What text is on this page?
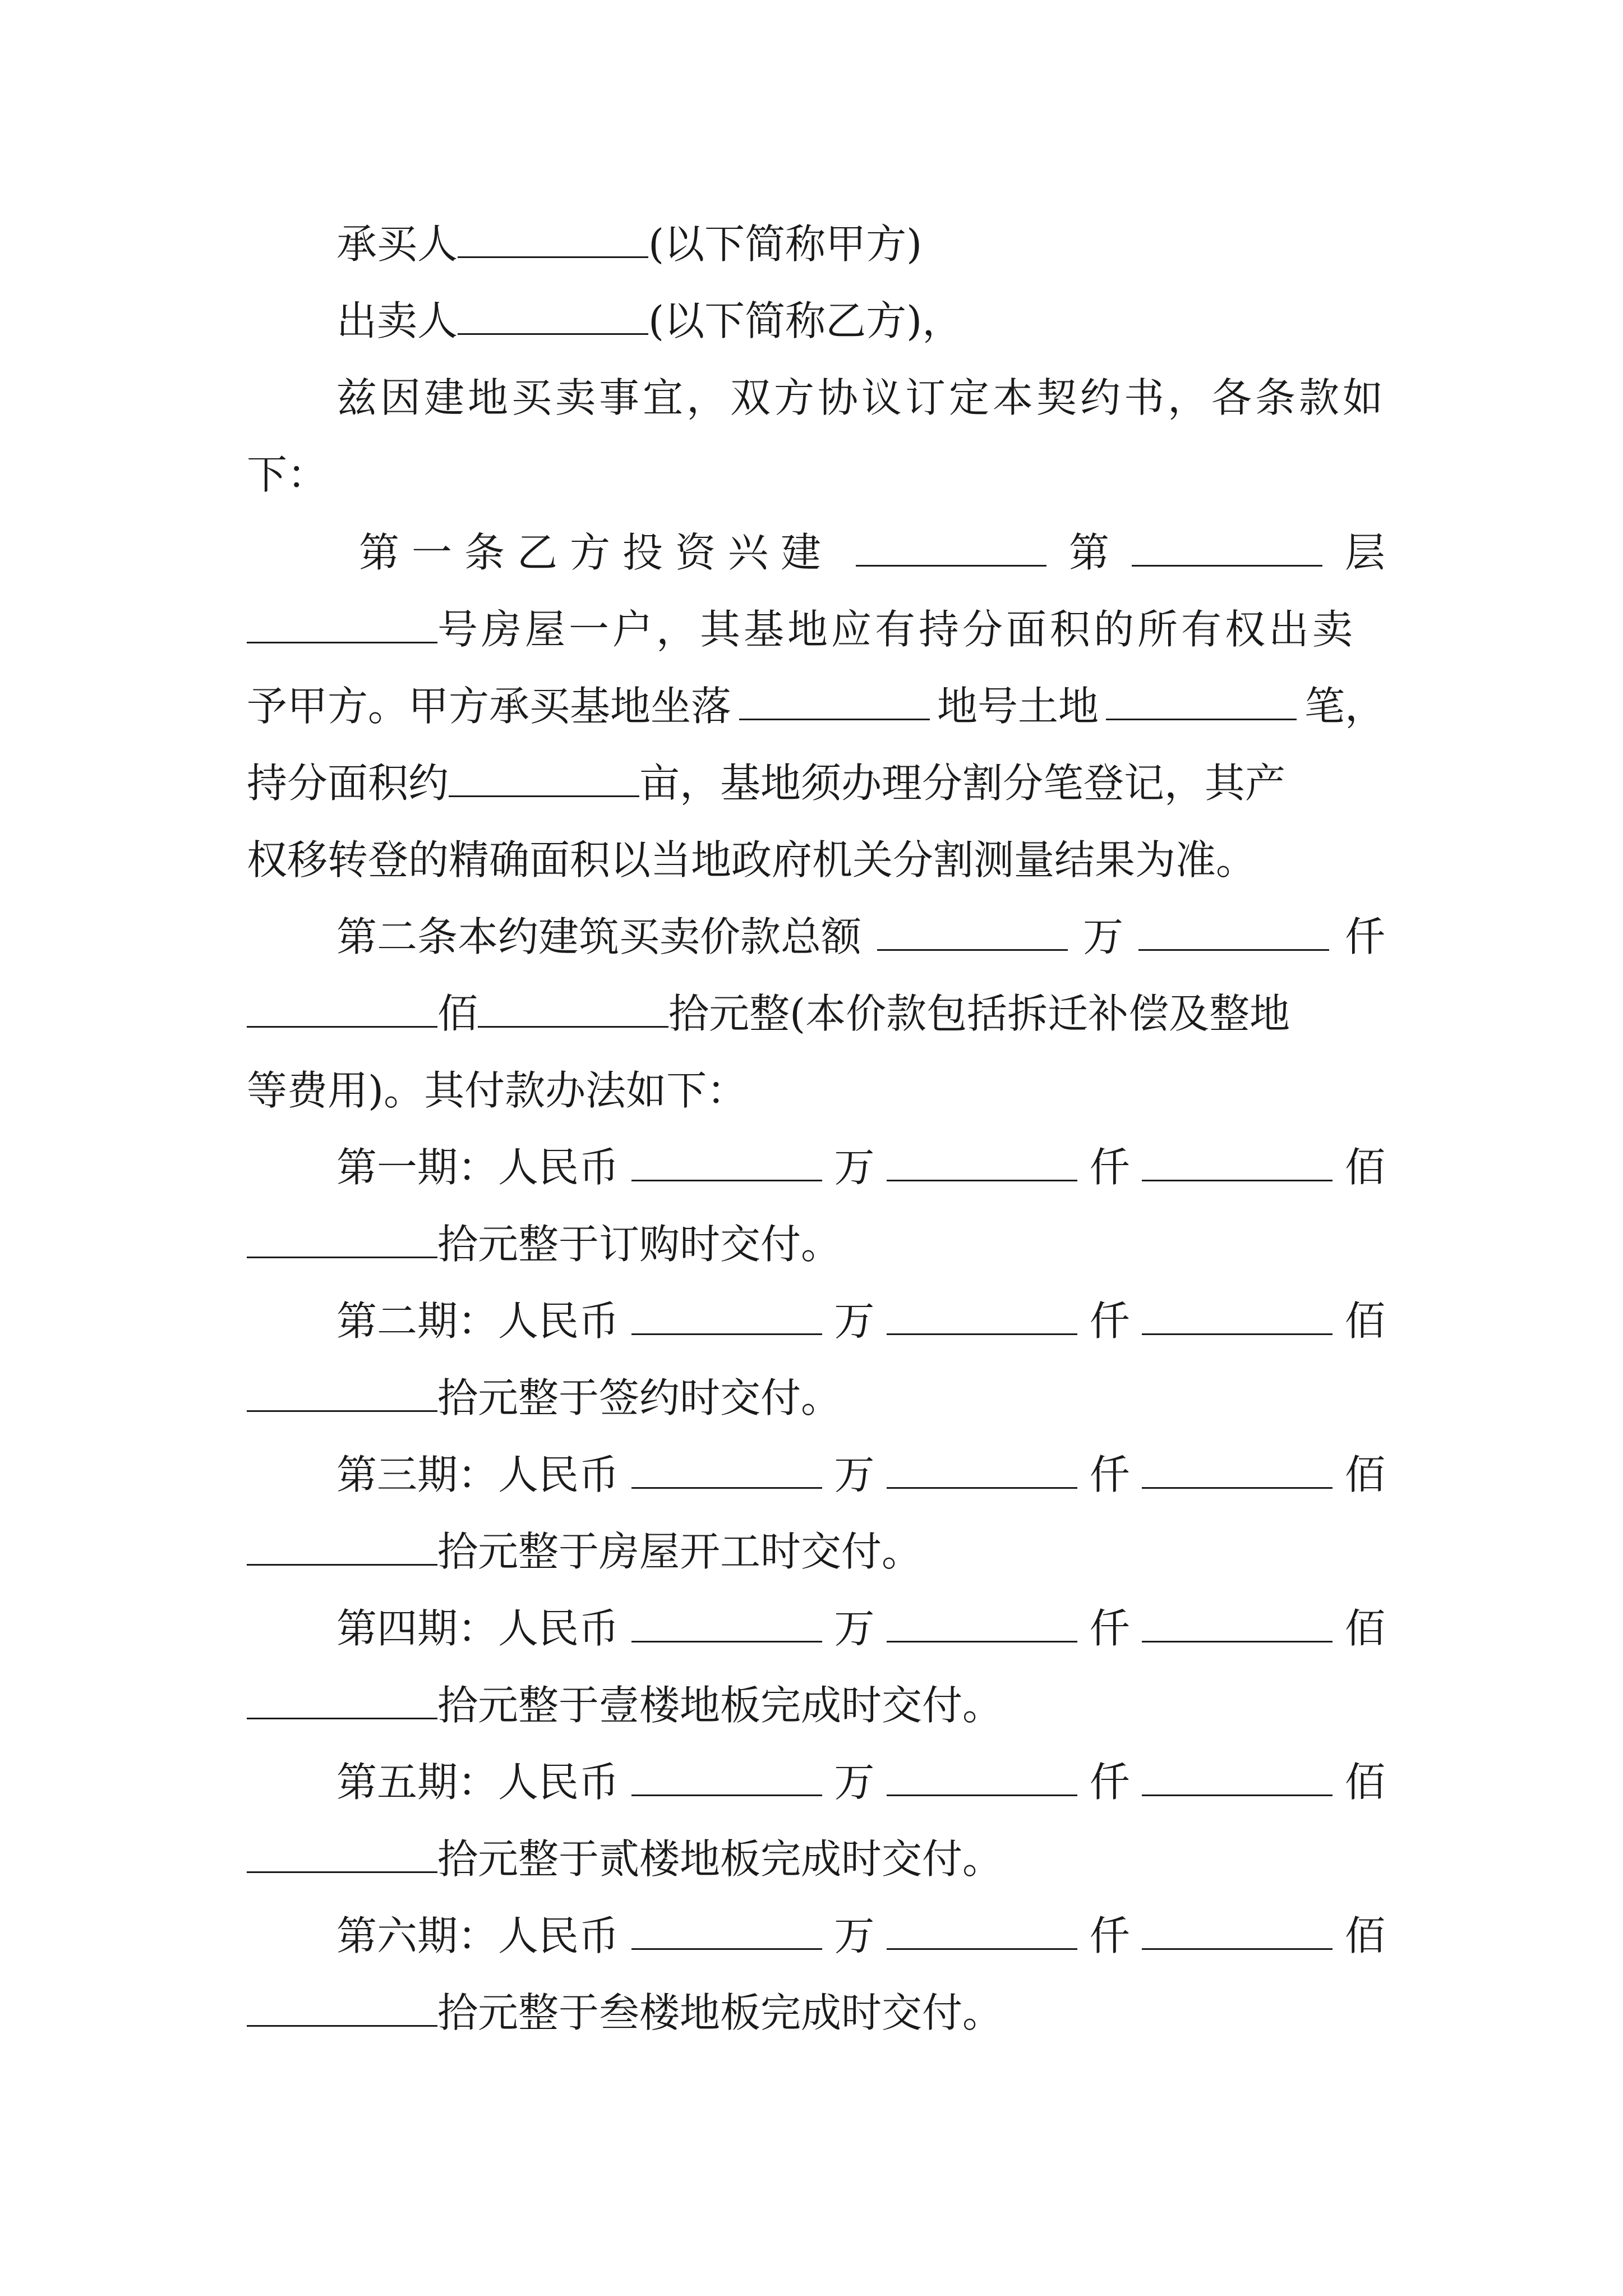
承买人	(以下简称甲方)
出卖人	(以下简称乙方)，
兹因建地买卖事宜，双方协议订定本契约书，各条款如
下：
第一条乙方投资兴建	第	层
号房屋一户，其基地应有持分面积的所有权出卖
予甲方。甲方承买基地坐落	地号土地	笔，
持分面积约	亩，基地须办理分割分笔登记，其产
权移转登的精确面积以当地政府机关分割测量结果为准。
第二条本约建筑买卖价款总额	万	仟
佰	拾元整(本价款包括拆迁补偿及整地
等费用)。其付款办法如下：
第一期：人民币	万	仟	佰
拾元整于订购时交付。
第二期：人民币	万	仟	佰
拾元整于签约时交付。
第三期：人民币	万	仟	佰
拾元整于房屋开工时交付。
第四期：人民币	万	仟	佰
拾元整于壹楼地板完成时交付。
第五期：人民币	万	仟	佰
拾元整于贰楼地板完成时交付。
第六期：人民币	万	仟	佰
拾元整于叁楼地板完成时交付。
